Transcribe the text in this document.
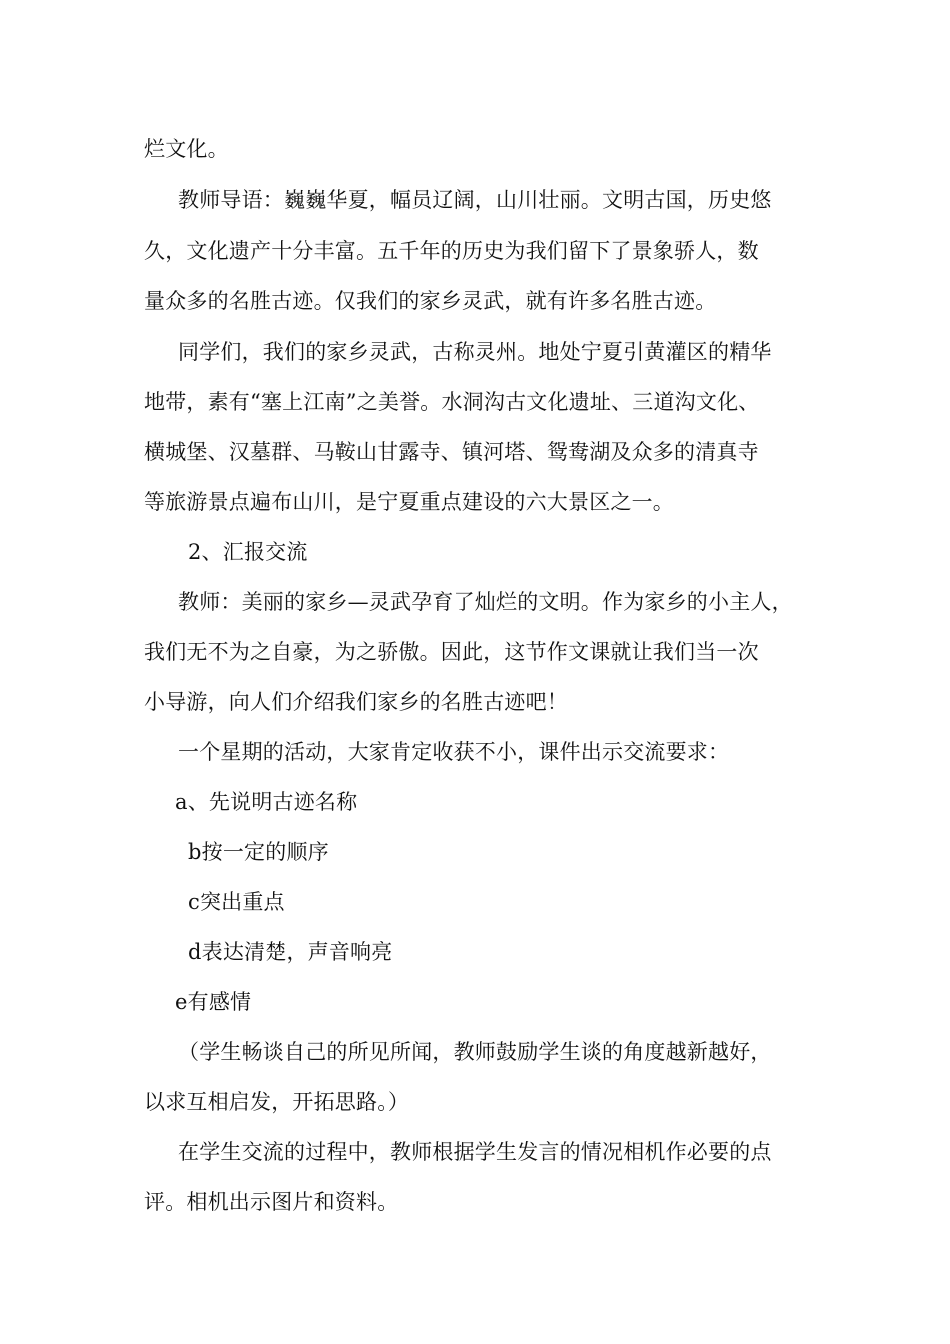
烂文化。
教师导语：巍巍华夏，幅员辽阔，山川壮丽。文明古国，历史悠
久，文化遗产十分丰富。五千年的历史为我们留下了景象骄人，数
量众多的名胜古迹。仅我们的家乡灵武，就有许多名胜古迹。
同学们，我们的家乡灵武，古称灵州。地处宁夏引黄灌区的精华
地带，素有“塞上江南”之美誉。水洞沟古文化遗址、三道沟文化、
横城堡、汉墓群、马鞍山甘露寺、镇河塔、鸳鸯湖及众多的清真寺
等旅游景点遍布山川，是宁夏重点建设的六大景区之一。
2、汇报交流
教师：美丽的家乡—灵武孕育了灿烂的文明。作为家乡的小主人，
我们无不为之自豪，为之骄傲。因此，这节作文课就让我们当一次
小导游，向人们介绍我们家乡的名胜古迹吧！
一个星期的活动，大家肯定收获不小，课件出示交流要求：
a、先说明古迹名称
b按一定的顺序
c突出重点
d表达清楚，声音响亮
e有感情
（学生畅谈自己的所见所闻，教师鼓励学生谈的角度越新越好，
以求互相启发，开拓思路。）
在学生交流的过程中，教师根据学生发言的情况相机作必要的点
评。相机出示图片和资料。
